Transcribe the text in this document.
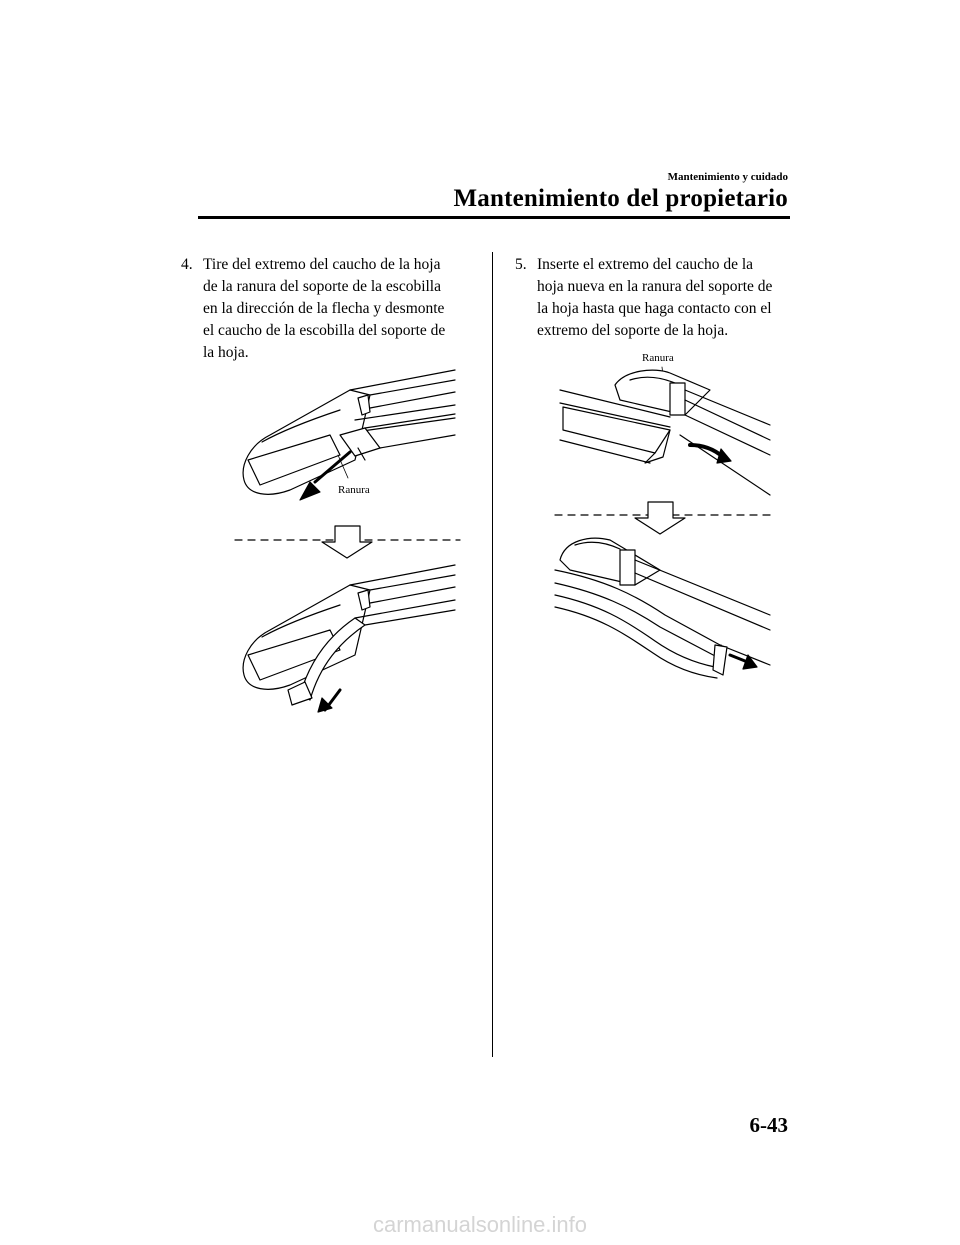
Mantenimiento y cuidado
Mantenimiento del propietario
4. Tire del extremo del caucho de la hoja
de la ranura del soporte de la escobilla
en la dirección de la flecha y desmonte
el caucho de la escobilla del soporte de
la hoja.
5. Inserte el extremo del caucho de la
hoja nueva en la ranura del soporte de
la hoja hasta que haga contacto con el
extremo del soporte de la hoja.
Ranura
Ranura
6-43
carmanualsonline.info
